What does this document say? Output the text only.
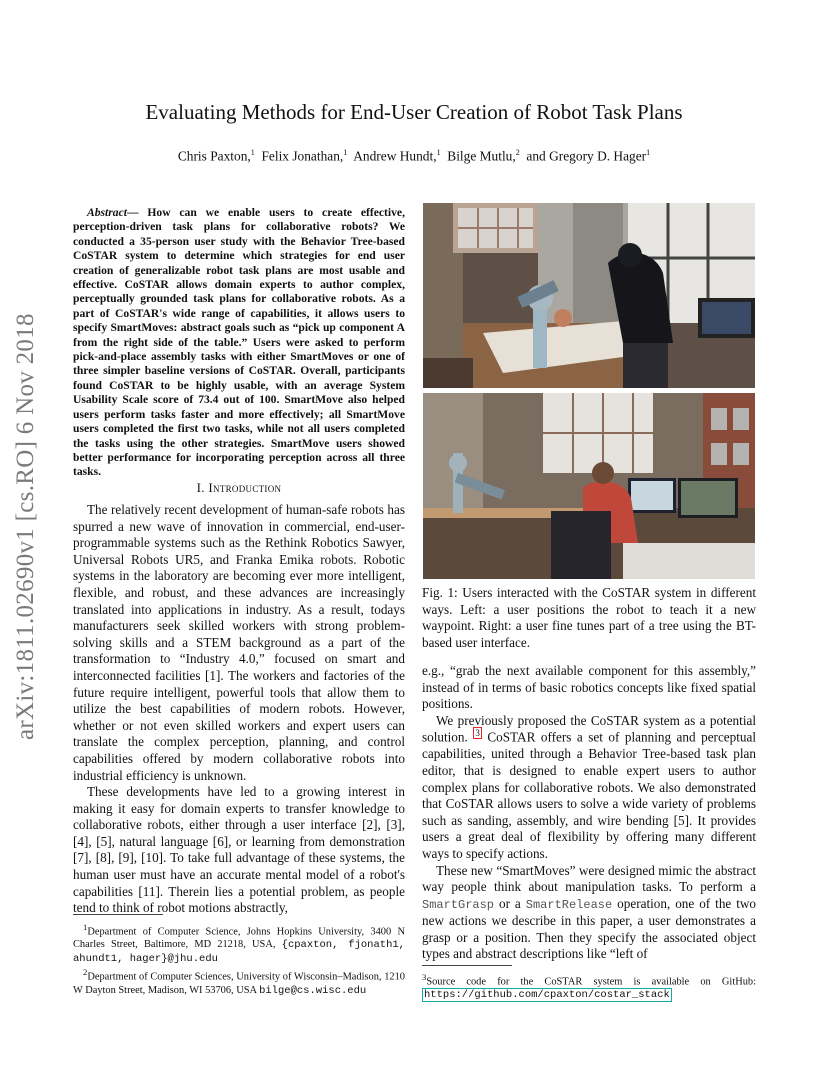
Evaluating Methods for End-User Creation of Robot Task Plans
Chris Paxton,$^1$ Felix Jonathan,$^1$ Andrew Hundt,$^1$ Bilge Mutlu,$^2$ and Gregory D. Hager$^1$
arXiv:1811.02690v1 [cs.RO] 6 Nov 2018
Abstract— How can we enable users to create effective, perception-driven task plans for collaborative robots? We conducted a 35-person user study with the Behavior Tree-based CoSTAR system to determine which strategies for end user creation of generalizable robot task plans are most usable and effective. CoSTAR allows domain experts to author complex, perceptually grounded task plans for collaborative robots. As a part of CoSTAR's wide range of capabilities, it allows users to specify SmartMoves: abstract goals such as “pick up component A from the right side of the table.” Users were asked to perform pick-and-place assembly tasks with either SmartMoves or one of three simpler baseline versions of CoSTAR. Overall, participants found CoSTAR to be highly usable, with an average System Usability Scale score of 73.4 out of 100. SmartMove also helped users perform tasks faster and more effectively; all SmartMove users completed the first two tasks, while not all users completed the tasks using the other strategies. SmartMove users showed better performance for incorporating perception across all three tasks.
I. Introduction

The relatively recent development of human-safe robots has spurred a new wave of innovation in commercial, end-user-programmable systems such as the Rethink Robotics Sawyer, Universal Robots UR5, and Franka Emika robots. Robotic systems in the laboratory are becoming ever more intelligent, flexible, and robust, and these advances are increasingly translated into applications in industry. As a result, todays manufacturers seek skilled workers with strong problem-solving skills and a STEM background as a part of the transformation to “Industry 4.0,” focused on smart and interconnected facilities [1]. The workers and factories of the future require intelligent, powerful tools that allow them to utilize the best capabilities of modern robots. However, whether or not even skilled workers and expert users can translate the complex perception, planning, and control capabilities offered by modern collaborative robots into industrial efficiency is unknown.

These developments have led to a growing interest in making it easy for domain experts to transfer knowledge to collaborative robots, either through a user interface [2], [3], [4], [5], natural language [6], or learning from demonstration [7], [8], [9], [10]. To take full advantage of these systems, the human user must have an accurate mental model of a robot's capabilities [11]. Therein lies a potential problem, as people tend to think of robot motions abstractly,

$^1$Department of Computer Science, Johns Hopkins University, 3400 N Charles Street, Baltimore, MD 21218, USA, {cpaxton, fjonath1, ahundt1, hager}@jhu.edu

$^2$Department of Computer Sciences, University of Wisconsin–Madison, 1210 W Dayton Street, Madison, WI 53706, USA bilge@cs.wisc.edu

Fig. 1: Users interacted with the CoSTAR system in different ways. Left: a user positions the robot to teach it a new waypoint. Right: a user fine tunes part of a tree using the BT-based user interface.

e.g., “grab the next available component for this assembly,” instead of in terms of basic robotics concepts like fixed spatial positions.

We previously proposed the CoSTAR system as a potential solution. $^3$ CoSTAR offers a set of planning and perceptual capabilities, united through a Behavior Tree-based task plan editor, that is designed to enable expert users to author complex plans for collaborative robots. We also demonstrated that CoSTAR allows users to solve a wide variety of problems such as sanding, assembly, and wire bending [5]. It provides users a great deal of flexibility by offering many different ways to specify actions.

These new “SmartMoves” were designed mimic the abstract way people think about manipulation tasks. To perform a SmartGrasp or a SmartRelease operation, one of the two new actions we describe in this paper, a user demonstrates a grasp or a position. Then they specify the associated object types and abstract descriptions like “left of

$^3$Source code for the CoSTAR system is available on GitHub: https://github.com/cpaxton/costar_stack
